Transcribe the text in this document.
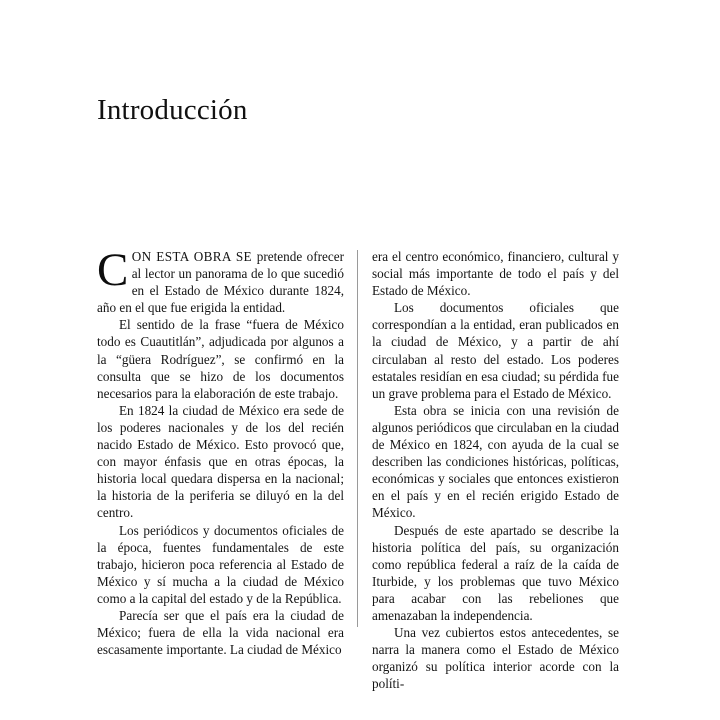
Introducción

CON ESTA OBRA SE pretende ofrecer al lector un panorama de lo que sucedió en el Estado de México durante 1824, año en el que fue erigida la entidad.

El sentido de la frase “fuera de México todo es Cuautitlán”, adjudicada por algunos a la “güera Rodríguez”, se confirmó en la consulta que se hizo de los documentos necesarios para la elaboración de este trabajo.

En 1824 la ciudad de México era sede de los poderes nacionales y de los del recién nacido Estado de México. Esto provocó que, con mayor énfasis que en otras épocas, la historia local quedara dispersa en la nacional; la historia de la periferia se diluyó en la del centro.

Los periódicos y documentos oficiales de la época, fuentes fundamentales de este trabajo, hicieron poca referencia al Estado de México y sí mucha a la ciudad de México como a la capital del estado y de la República.

Parecía ser que el país era la ciudad de México; fuera de ella la vida nacional era escasamente importante. La ciudad de México

era el centro económico, financiero, cultural y social más importante de todo el país y del Estado de México.

Los documentos oficiales que correspondían a la entidad, eran publicados en la ciudad de México, y a partir de ahí circulaban al resto del estado. Los poderes estatales residían en esa ciudad; su pérdida fue un grave problema para el Estado de México.

Esta obra se inicia con una revisión de algunos periódicos que circulaban en la ciudad de México en 1824, con ayuda de la cual se describen las condiciones históricas, políticas, económicas y sociales que entonces existieron en el país y en el recién erigido Estado de México.

Después de este apartado se describe la historia política del país, su organización como república federal a raíz de la caída de Iturbide, y los problemas que tuvo México para acabar con las rebeliones que amenazaban la independencia.

Una vez cubiertos estos antecedentes, se narra la manera como el Estado de México organizó su política interior acorde con la políti-
